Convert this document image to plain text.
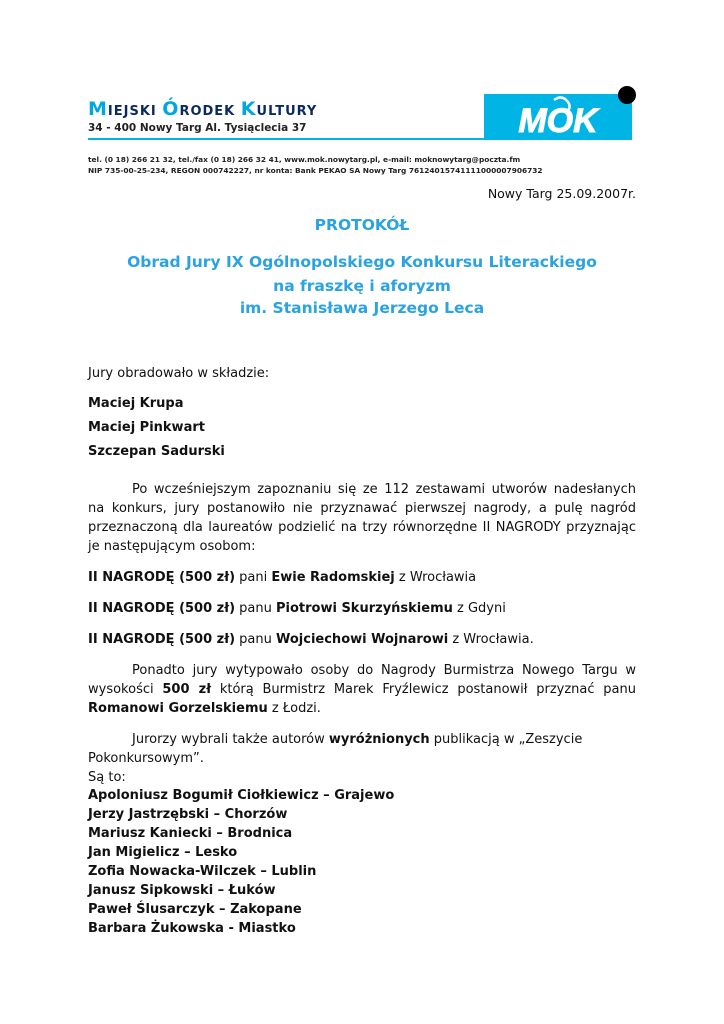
MIEJSKI ÓRODEK KULTURY
34 - 400 Nowy Targ Al. Tysiąclecia 37	MOK
tel. (0 18) 266 21 32, tel./fax (0 18) 266 32 41, www.mok.nowytarg.pl, e-mail: moknowytarg@poczta.fm
NIP 735-00-25-234, REGON 000742227, nr konta: Bank PEKAO SA Nowy Targ 76124015741111000007906732
Nowy Targ 25.09.2007r.
PROTOKÓŁ
Obrad Jury IX Ogólnopolskiego Konkursu Literackiego
na fraszkę i aforyzm
im. Stanisława Jerzego Leca
Jury obradowało w składzie:
Maciej Krupa
Maciej Pinkwart
Szczepan Sadurski
Po wcześniejszym zapoznaniu się ze 112 zestawami utworów nadesłanych na konkurs, jury postanowiło nie przyznawać pierwszej nagrody, a pulę nagród przeznaczoną dla laureatów podzielić na trzy równorzędne II NAGRODY przyznając je następującym osobom:
II NAGRODĘ (500 zł) pani Ewie Radomskiej z Wrocławia
II NAGRODĘ (500 zł) panu Piotrowi Skurzyńskiemu z Gdyni
II NAGRODĘ (500 zł) panu Wojciechowi Wojnarowi z Wrocławia.
Ponadto jury wytypowało osoby do Nagrody Burmistrza Nowego Targu w wysokości 500 zł którą Burmistrz Marek Fryźlewicz postanowił przyznać panu Romanowi Gorzelskiemu z Łodzi.
Jurorzy wybrali także autorów wyróżnionych publikacją w „Zeszycie Pokonkursowym”.
Są to:
Apoloniusz Bogumił Ciołkiewicz – Grajewo
Jerzy Jastrzębski – Chorzów
Mariusz Kaniecki – Brodnica
Jan Migielicz – Lesko
Zofia Nowacka-Wilczek – Lublin
Janusz Sipkowski – Łuków
Paweł Ślusarczyk – Zakopane
Barbara Żukowska - Miastko
